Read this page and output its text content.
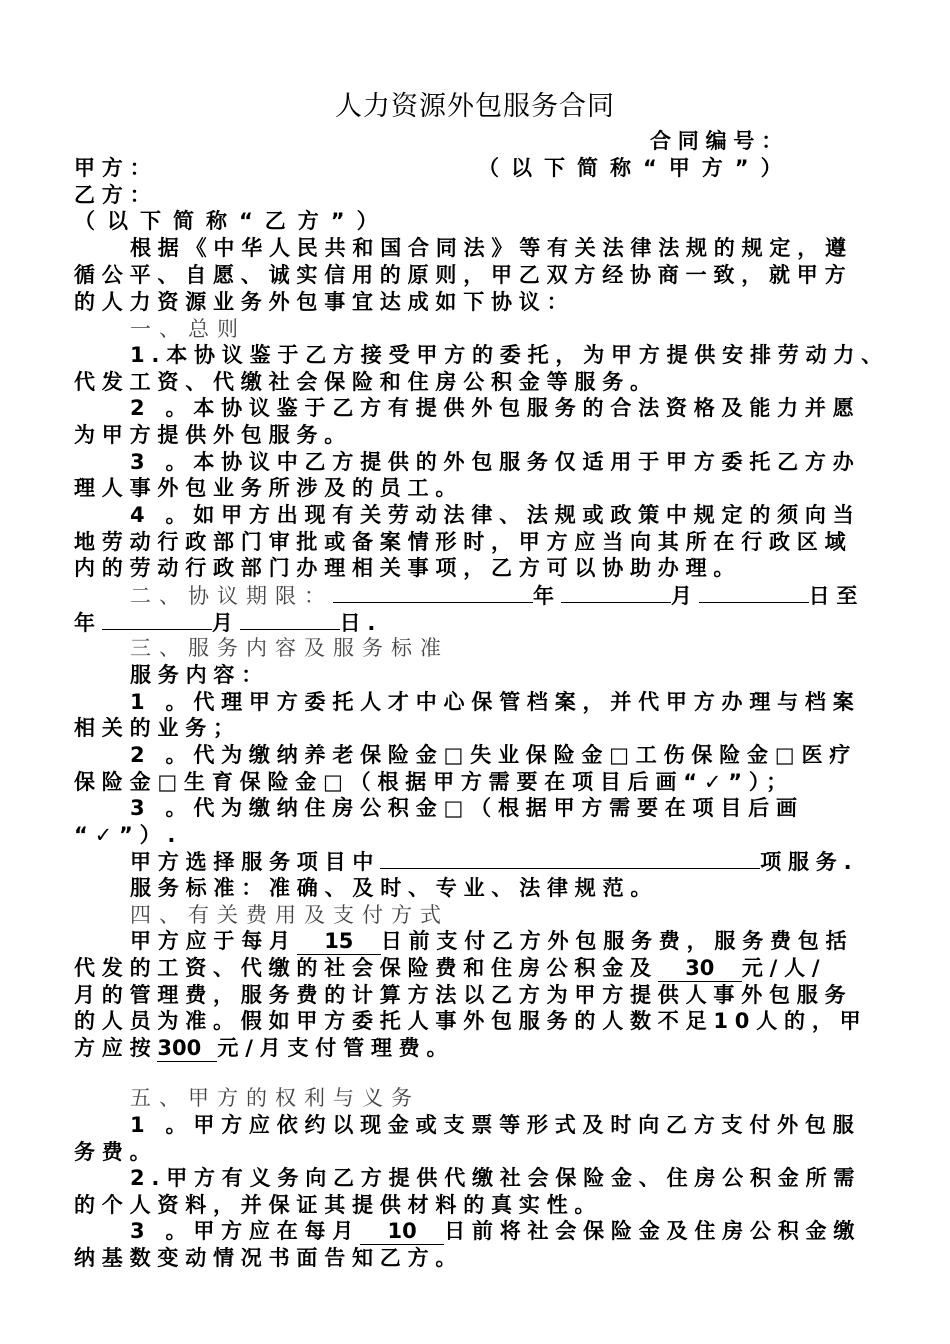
人力资源外包服务合同
合同编号：
甲方：	（以下简称“甲方”）
乙方：
（以下简称“乙方”）
根据《中华人民共和国合同法》等有关法律法规的规定，遵
循公平、自愿、诚实信用的原则，甲乙双方经协商一致，就甲方
的人力资源业务外包事宜达成如下协议：
一、总则
1.本协议鉴于乙方接受甲方的委托，为甲方提供安排劳动力、
代发工资、代缴社会保险和住房公积金等服务。
2 。本协议鉴于乙方有提供外包服务的合法资格及能力并愿
为甲方提供外包服务。
3 。本协议中乙方提供的外包服务仅适用于甲方委托乙方办
理人事外包业务所涉及的员工。
4 。如甲方出现有关劳动法律、法规或政策中规定的须向当
地劳动行政部门审批或备案情形时，甲方应当向其所在行政区域
内的劳动行政部门办理相关事项，乙方可以协助办理。
二、协议期限：	年	月	日至
年	月	日.
三、服务内容及服务标准
服务内容：
1 。代理甲方委托人才中心保管档案，并代甲方办理与档案
相关的业务；
2 。代为缴纳养老保险金□失业保险金□工伤保险金□医疗
保险金□生育保险金□（根据甲方需要在项目后画“✓”）；
3 。代为缴纳住房公积金□（根据甲方需要在项目后画
“✓”）.
甲方选择服务项目中	项服务.
服务标准：准确、及时、专业、法律规范。
四、有关费用及支付方式
甲方应于每月 15 日前支付乙方外包服务费，服务费包括
代发的工资、代缴的社会保险费和住房公积金及 30 元/人/
月的管理费，服务费的计算方法以乙方为甲方提供人事外包服务
的人员为准。假如甲方委托人事外包服务的人数不足10人的，甲
方应按300 元/月支付管理费。
五、甲方的权利与义务
1 。甲方应依约以现金或支票等形式及时向乙方支付外包服
务费。
2.甲方有义务向乙方提供代缴社会保险金、住房公积金所需
的个人资料，并保证其提供材料的真实性。
3 。甲方应在每月 10 日前将社会保险金及住房公积金缴
纳基数变动情况书面告知乙方。
